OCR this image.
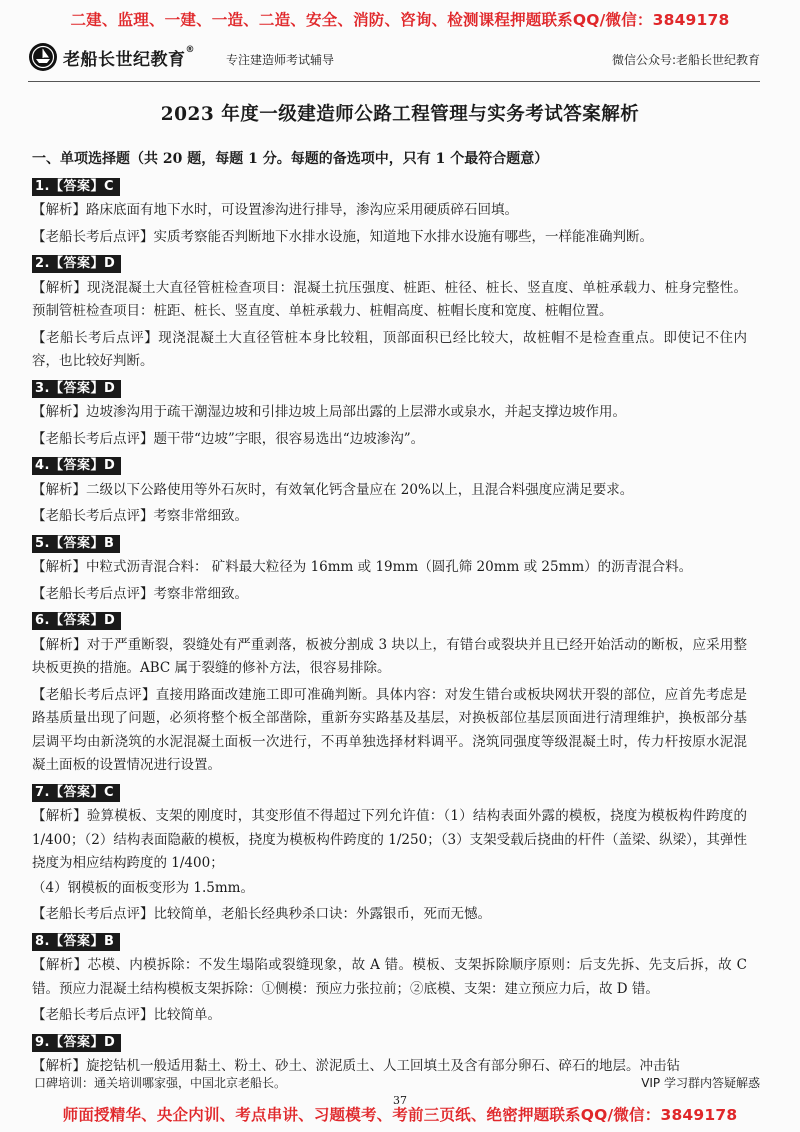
二建、监理、一建、一造、二造、安全、消防、咨询、检测课程押题联系QQ/微信：3849178
老船长世纪教育®
专注建造师考试辅导	微信公众号:老船长世纪教育
2023 年度一级建造师公路工程管理与实务考试答案解析
一、单项选择题（共 20 题，每题 1 分。每题的备选项中，只有 1 个最符合题意）
1.【答案】C
【解析】路床底面有地下水时，可设置渗沟进行排导，渗沟应采用硬质碎石回填。
【老船长考后点评】实质考察能否判断地下水排水设施，知道地下水排水设施有哪些，一样能准确判断。
2.【答案】D
【解析】现浇混凝土大直径管桩检查项目：混凝土抗压强度、桩距、桩径、桩长、竖直度、单桩承载力、桩身完整性。预制管桩检查项目：桩距、桩长、竖直度、单桩承载力、桩帽高度、桩帽长度和宽度、桩帽位置。
【老船长考后点评】现浇混凝土大直径管桩本身比较粗，顶部面积已经比较大，故桩帽不是检查重点。即使记不住内容，也比较好判断。
3.【答案】D
【解析】边坡渗沟用于疏干潮湿边坡和引排边坡上局部出露的上层滞水或泉水，并起支撑边坡作用。
【老船长考后点评】题干带“边坡”字眼，很容易选出“边坡渗沟”。
4.【答案】D
【解析】二级以下公路使用等外石灰时，有效氧化钙含量应在 20%以上，且混合料强度应满足要求。
【老船长考后点评】考察非常细致。
5.【答案】B
【解析】中粒式沥青混合料： 矿料最大粒径为 16mm 或 19mm（圆孔筛 20mm 或 25mm）的沥青混合料。
【老船长考后点评】考察非常细致。
6.【答案】D
【解析】对于严重断裂，裂缝处有严重剥落，板被分割成 3 块以上，有错台或裂块并且已经开始活动的断板，应采用整块板更换的措施。ABC 属于裂缝的修补方法，很容易排除。
【老船长考后点评】直接用路面改建施工即可准确判断。具体内容：对发生错台或板块网状开裂的部位，应首先考虑是路基质量出现了问题，必须将整个板全部凿除，重新夯实路基及基层，对换板部位基层顶面进行清理维护，换板部分基层调平均由新浇筑的水泥混凝土面板一次进行，不再单独选择材料调平。浇筑同强度等级混凝土时，传力杆按原水泥混凝土面板的设置情况进行设置。
7.【答案】C
【解析】验算模板、支架的刚度时，其变形值不得超过下列允许值：（1）结构表面外露的模板，挠度为模板构件跨度的 1/400；（2）结构表面隐蔽的模板，挠度为模板构件跨度的 1/250；（3）支架受载后挠曲的杆件（盖梁、纵梁），其弹性挠度为相应结构跨度的 1/400；
（4）钢模板的面板变形为 1.5mm。
【老船长考后点评】比较简单，老船长经典秒杀口诀：外露银币，死而无憾。
8.【答案】B
【解析】芯模、内模拆除：不发生塌陷或裂缝现象，故 A 错。模板、支架拆除顺序原则：后支先拆、先支后拆，故 C 错。预应力混凝土结构模板支架拆除：①侧模：预应力张拉前；②底模、支架：建立预应力后，故 D 错。
【老船长考后点评】比较简单。
9.【答案】D
【解析】旋挖钻机一般适用黏土、粉土、砂土、淤泥质土、人工回填土及含有部分卵石、碎石的地层。冲击钻
口碑培训：通关培训哪家强，中国北京老船长。	VIP 学习群内答疑解惑
37
师面授精华、央企内训、考点串讲、习题模考、考前三页纸、绝密押题联系QQ/微信：3849178
